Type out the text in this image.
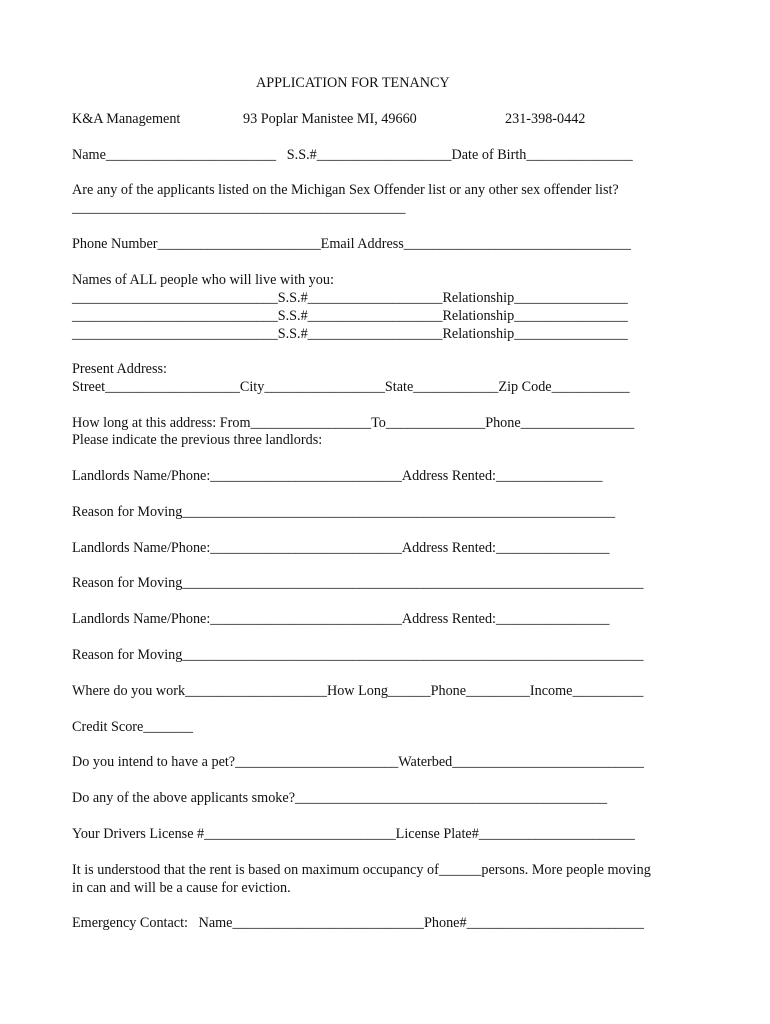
APPLICATION FOR TENANCY
K&A Management	93 Poplar Manistee MI, 49660	231-398-0442
Name________________________   S.S.#___________________Date of Birth_______________
Are any of the applicants listed on the Michigan Sex Offender list or any other sex offender list?
_______________________________________________
Phone Number_______________________Email Address________________________________
Names of ALL people who will live with you:
_____________________________S.S.#___________________Relationship________________
_____________________________S.S.#___________________Relationship________________
_____________________________S.S.#___________________Relationship________________
Present Address:
Street___________________City_________________State____________Zip Code___________
How long at this address: From_________________To______________Phone________________
Please indicate the previous three landlords:
Landlords Name/Phone:___________________________Address Rented:_______________
Reason for Moving_____________________________________________________________
Landlords Name/Phone:___________________________Address Rented:________________
Reason for Moving_________________________________________________________________
Landlords Name/Phone:___________________________Address Rented:________________
Reason for Moving_________________________________________________________________
Where do you work____________________How Long______Phone_________Income__________
Credit Score_______
Do you intend to have a pet?_______________________Waterbed___________________________
Do any of the above applicants smoke?____________________________________________
Your Drivers License #___________________________License Plate#______________________
It is understood that the rent is based on maximum occupancy of______persons. More people moving
in can and will be a cause for eviction.
Emergency Contact:   Name___________________________Phone#_________________________
